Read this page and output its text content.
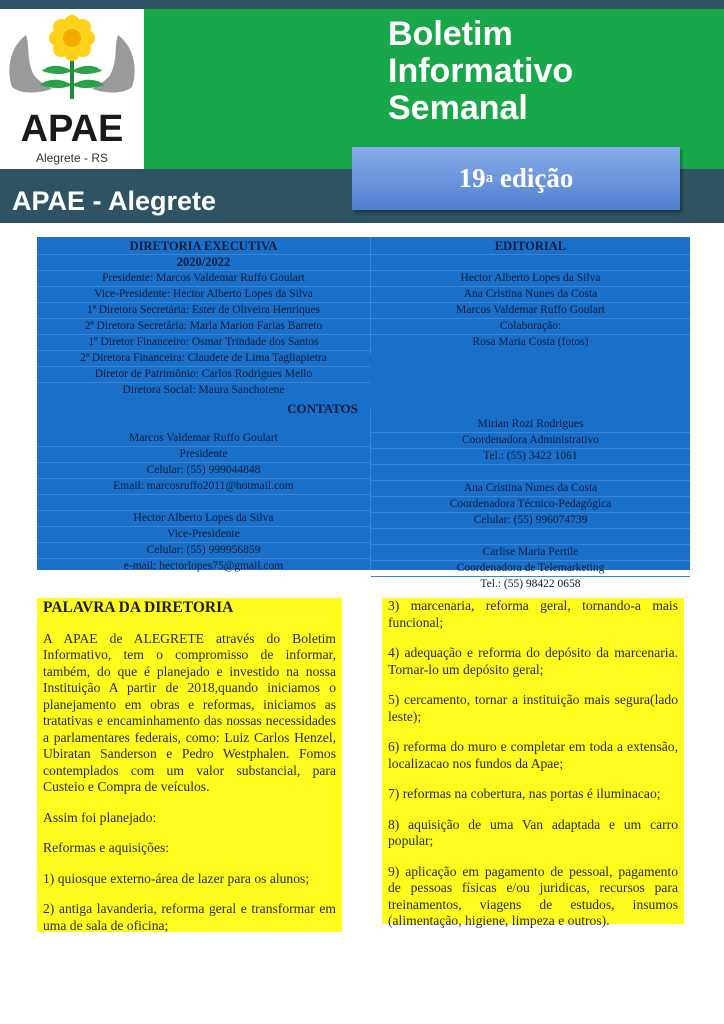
APAE
Alegrete - RS
Boletim
Informativo
Semanal
19 a
edição
APAE - Alegrete
DIRETORIA EXECUTIVA
2020/2022
Presidente: Marcos Valdemar Ruffo Goulart
Vice-Presidente: Hector Alberto Lopes da Silva
1ª Diretora Secretária: Ester de Oliveira Henriques
2ª Diretora Secretária: Marla Marion Farias Barreto
1º Diretor Financeiro: Osmar Trindade dos Santos
2ª Diretora Financeira: Claudete de Lima Tagliapietra
Diretor de Patrimônio: Carlos Rodrigues Mello
Diretora Social: Maura Sanchotene
EDITORIAL
Hector Alberto Lopes da Silva
Ana Cristina Nunes da Costa
Marcos Valdemar Ruffo Goulart
Colaboração:
Rosa Maria Costa (fotos)
CONTATOS
Marcos Valdemar Ruffo Goulart
Presidente
Celular: (55) 999044848
Email: marcosruffo2011@hotmail.com
Hector Alberto Lopes da Silva
Vice-Presidente
Celular: (55) 999956859
e-mail: hectorlopes75@gmail.com
Mirian Rozi Rodrigues
Coordenadora Administrativo
Tel.: (55) 3422 1061
Ana Cristina Nunes da Costa
Coordenadora Técnico-Pedagógica
Celular: (55) 996074739
Carlise Maria Pertile
Coordenadora de Telemarketing
Tel.: (55) 98422 0658
PALAVRA DA DIRETORIA

A APAE de ALEGRETE através do Boletim Informativo, tem o compromisso de informar, também, do que é planejado e investido na nossa Instituição A partir de 2018,quando iniciamos o planejamento em obras e reformas, iniciamos as tratativas e encaminhamento das nossas necessidades a parlamentares federais, como: Luiz Carlos Henzel, Ubiratan Sanderson e Pedro Westphalen. Fomos contemplados com um valor substancial, para Custeio e Compra de veículos.

Assim foi planejado:

Reformas e aquisições:

1) quiosque externo-área de lazer para os alunos;

2) antiga lavanderia, reforma geral e transformar em uma de sala de oficina;

3) marcenaria, reforma geral, tornando-a mais funcional;

4) adequação e reforma do depósito da marcenaria. Tornar-lo um depósito geral;

5) cercamento, tornar a instituição mais segura(lado leste);

6) reforma do muro e completar em toda a extensão, localizacao nos fundos da Apae;

7) reformas na cobertura, nas portas é iluminacao;

8) aquisição de uma Van adaptada e um carro popular;

9) aplicação em pagamento de pessoal, pagamento de pessoas físicas e/ou juridicas, recursos para treinamentos, viagens de estudos, insumos (alimentação, higiene, limpeza e outros).
